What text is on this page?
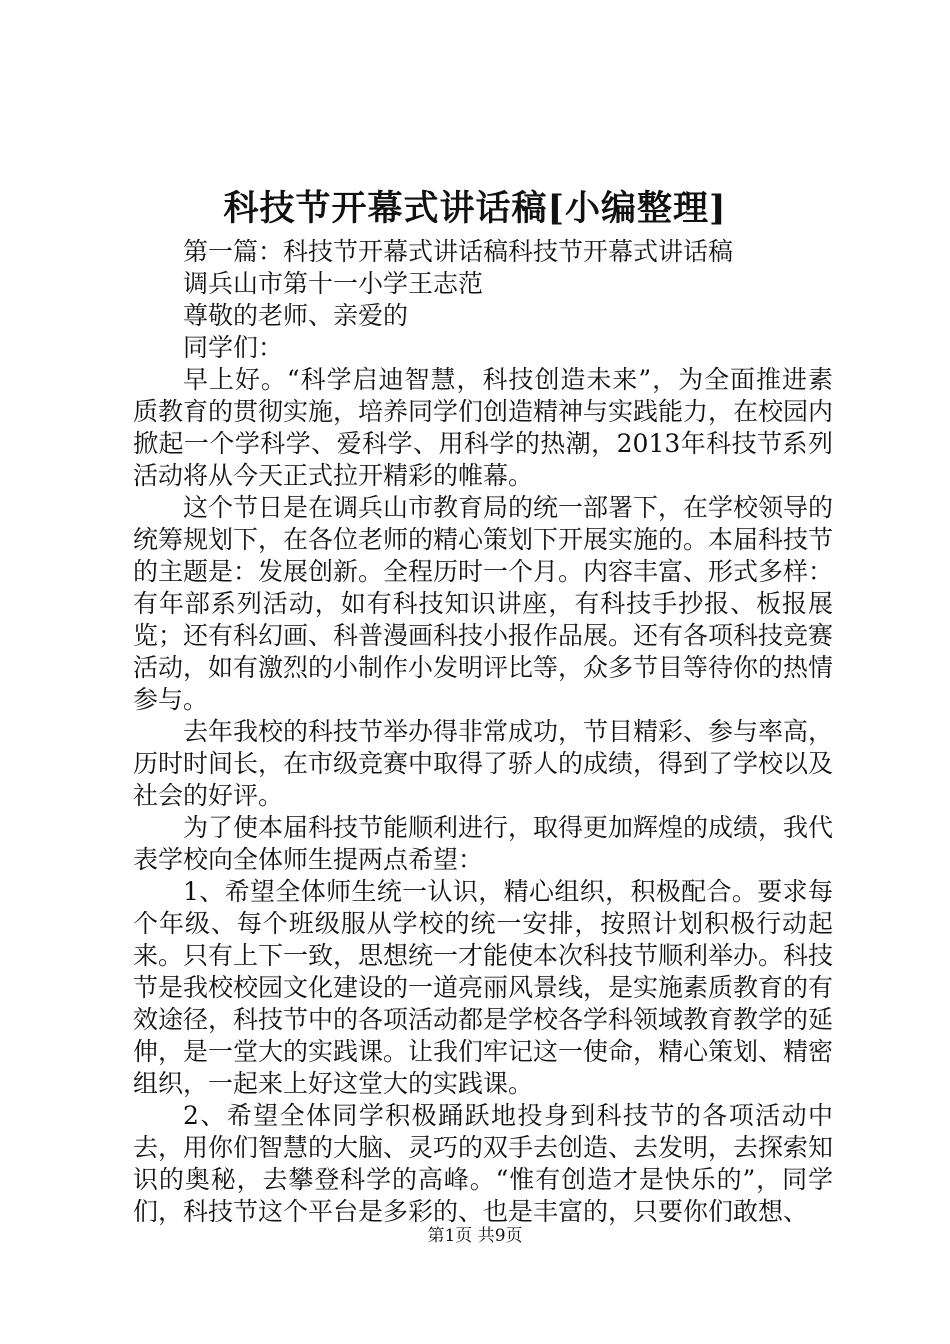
科技节开幕式讲话稿[小编整理]

第一篇：科技节开幕式讲话稿科技节开幕式讲话稿

调兵山市第十一小学王志范

尊敬的老师、亲爱的

同学们：

早上好。“科学启迪智慧，科技创造未来”，为全面推进素质教育的贯彻实施，培养同学们创造精神与实践能力，在校园内掀起一个学科学、爱科学、用科学的热潮，2013年科技节系列活动将从今天正式拉开精彩的帷幕。

这个节日是在调兵山市教育局的统一部署下，在学校领导的统筹规划下，在各位老师的精心策划下开展实施的。本届科技节的主题是：发展创新。全程历时一个月。内容丰富、形式多样：有年部系列活动，如有科技知识讲座，有科技手抄报、板报展览；还有科幻画、科普漫画科技小报作品展。还有各项科技竞赛活动，如有激烈的小制作小发明评比等，众多节目等待你的热情参与。

去年我校的科技节举办得非常成功，节目精彩、参与率高，历时时间长，在市级竞赛中取得了骄人的成绩，得到了学校以及社会的好评。

为了使本届科技节能顺利进行，取得更加辉煌的成绩，我代表学校向全体师生提两点希望：

1、希望全体师生统一认识，精心组织，积极配合。要求每个年级、每个班级服从学校的统一安排，按照计划积极行动起来。只有上下一致，思想统一才能使本次科技节顺利举办。科技节是我校校园文化建设的一道亮丽风景线，是实施素质教育的有效途径，科技节中的各项活动都是学校各学科领域教育教学的延伸，是一堂大的实践课。让我们牢记这一使命，精心策划、精密组织，一起来上好这堂大的实践课。

2、希望全体同学积极踊跃地投身到科技节的各项活动中去，用你们智慧的大脑、灵巧的双手去创造、去发明，去探索知识的奥秘，去攀登科学的高峰。“惟有创造才是快乐的”，同学们，科技节这个平台是多彩的、也是丰富的，只要你们敢想、

第1页 共9页
